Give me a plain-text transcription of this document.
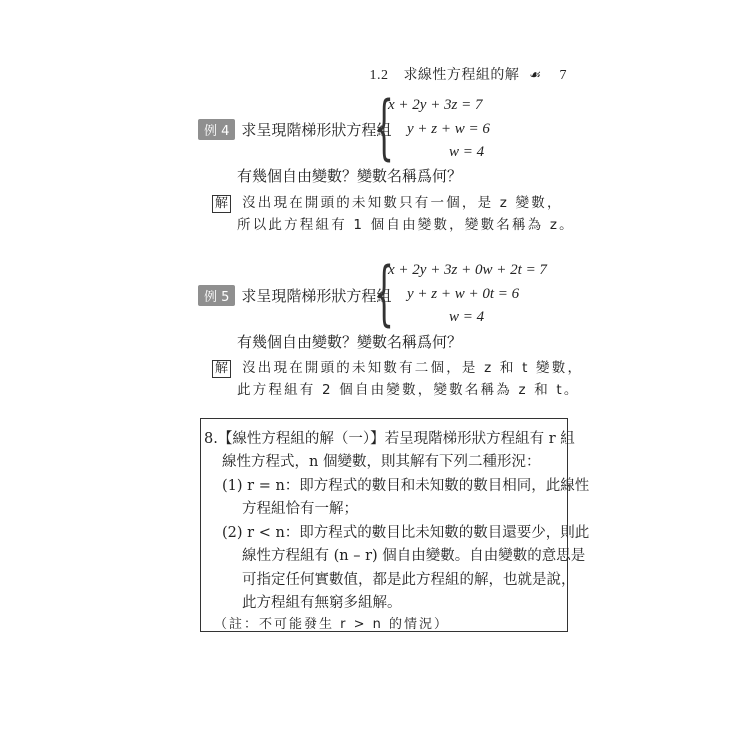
1.2 求線性方程組的解 ☙ 7
例 4 求呈現階梯形狀方程組
{
x + 2y + 3z = 7
y + z + w = 6
w = 4
有幾個自由變數？變數名稱爲何？
解 沒出現在開頭的未知數只有一個，是 z 變數，
所以此方程組有 1 個自由變數，變數名稱為 z。
例 5 求呈現階梯形狀方程組
{
x + 2y + 3z + 0w + 2t = 7
y + z + w + 0t = 6
w = 4
有幾個自由變數？變數名稱爲何？
解 沒出現在開頭的未知數有二個，是 z 和 t 變數，
此方程組有 2 個自由變數，變數名稱為 z 和 t。
8.【線性方程組的解（一）】若呈現階梯形狀方程組有 r 組
線性方程式，n 個變數，則其解有下列二種形況：
(1) r = n：即方程式的數目和未知數的數目相同，此線性
方程組恰有一解；
(2) r < n：即方程式的數目比未知數的數目還要少，則此
線性方程組有 (n – r) 個自由變數。自由變數的意思是
可指定任何實數值，都是此方程組的解，也就是說，
此方程組有無窮多組解。
（註：不可能發生 r > n 的情況）
